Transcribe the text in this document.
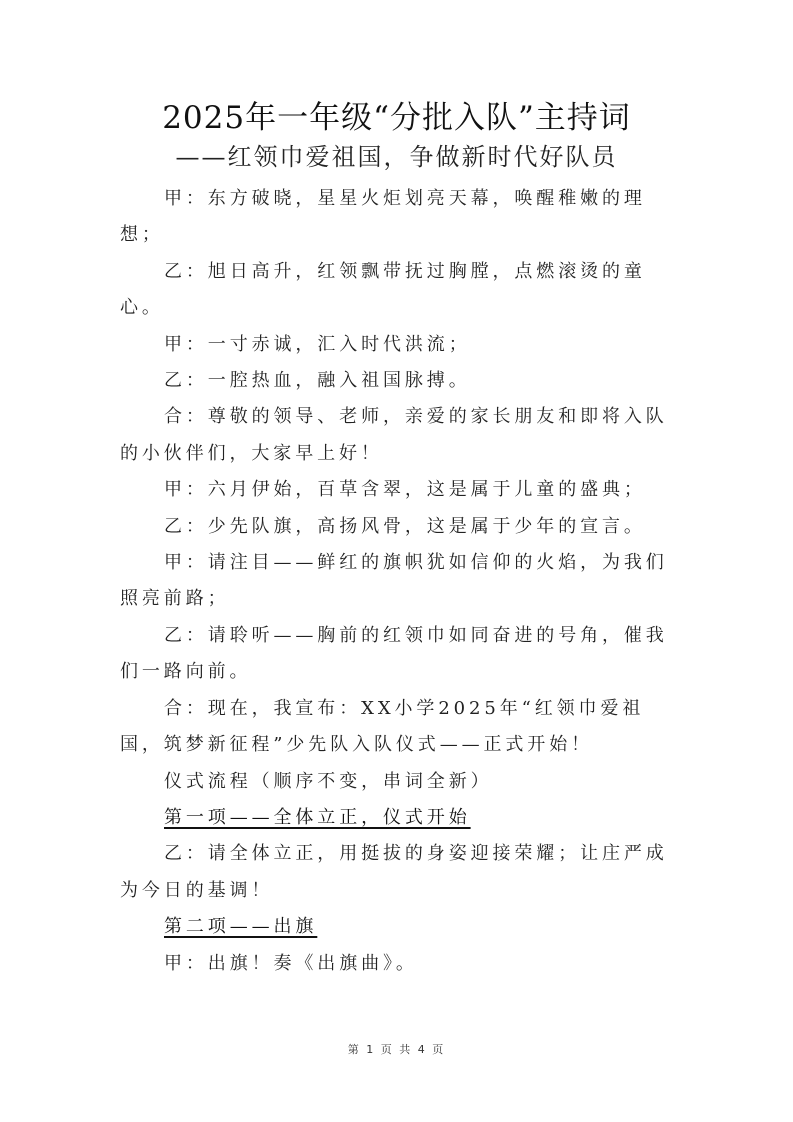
2025年一年级“分批入队”主持词
——红领巾爱祖国，争做新时代好队员

甲：东方破晓，星星火炬划亮天幕，唤醒稚嫩的理想；

乙：旭日高升，红领飘带抚过胸膛，点燃滚烫的童心。

甲：一寸赤诚，汇入时代洪流；

乙：一腔热血，融入祖国脉搏。

合：尊敬的领导、老师，亲爱的家长朋友和即将入队的小伙伴们，大家早上好！

甲：六月伊始，百草含翠，这是属于儿童的盛典；

乙：少先队旗，高扬风骨，这是属于少年的宣言。

甲：请注目——鲜红的旗帜犹如信仰的火焰，为我们照亮前路；

乙：请聆听——胸前的红领巾如同奋进的号角，催我们一路向前。

合：现在，我宣布：XX小学2025年“红领巾爱祖国，筑梦新征程”少先队入队仪式——正式开始！

仪式流程（顺序不变，串词全新）

第一项——全体立正，仪式开始

乙：请全体立正，用挺拔的身姿迎接荣耀；让庄严成为今日的基调！

第二项——出旗

甲：出旗！奏《出旗曲》。

第 1 页 共 4 页
